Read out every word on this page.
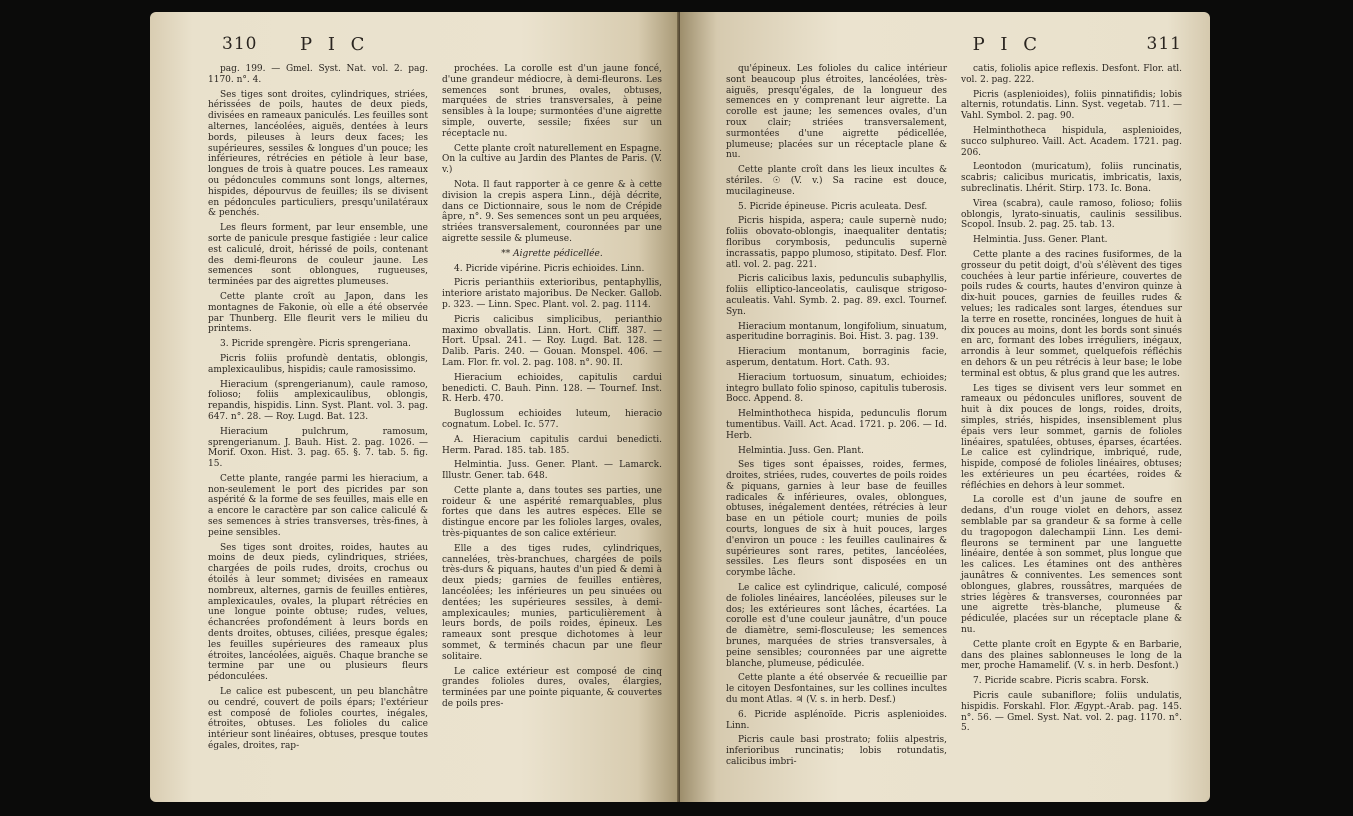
310 P I C

pag. 199. — Gmel. Syst. Nat. vol. 2. pag. 1170. n°. 4.

Ses tiges sont droites, cylindriques, striées, hérissées de poils, hautes de deux pieds, divisées en rameaux paniculés. Les feuilles sont alternes, lancéolées, aiguës, dentées à leurs bords, pileuses à leurs deux faces; les supérieures, sessiles & longues d'un pouce; les inférieures, rétrécies en pétiole à leur base, longues de trois à quatre pouces. Les rameaux ou pédoncules communs sont longs, alternes, hispides, dépourvus de feuilles; ils se divisent en pédoncules particuliers, presqu'unilatéraux & penchés.

Les fleurs forment, par leur ensemble, une sorte de panicule presque fastigiée : leur calice est caliculé, droit, hérissé de poils, contenant des demi-fleurons de couleur jaune. Les semences sont oblongues, rugueuses, terminées par des aigrettes plumeuses.

Cette plante croît au Japon, dans les montagnes de Fakonie, où elle a été observée par Thunberg. Elle fleurit vers le milieu du printems.

3. Picride sprengère. Picris sprengeriana.

Picris foliis profundè dentatis, oblongis, amplexicaulibus, hispidis; caule ramosissimo.

Hieracium (sprengerianum), caule ramoso, folioso; foliis amplexicaulibus, oblongis, repandis, hispidis. Linn. Syst. Plant. vol. 3. pag. 647. n°. 28. — Roy. Lugd. Bat. 123.

Hieracium pulchrum, ramosum, sprengerianum. J. Bauh. Hist. 2. pag. 1026. — Morif. Oxon. Hist. 3. pag. 65. §. 7. tab. 5. fig. 15.

Cette plante, rangée parmi les hieracium, a non-seulement le port des picrides par son aspérité & la forme de ses feuilles, mais elle en a encore le caractère par son calice caliculé & ses semences à stries transverses, très-fines, à peine sensibles.

Ses tiges sont droites, roides, hautes au moins de deux pieds, cylindriques, striées, chargées de poils rudes, droits, crochus ou étoilés à leur sommet; divisées en rameaux nombreux, alternes, garnis de feuilles entières, amplexicaules, ovales, la plupart rétrécies en une longue pointe obtuse; rudes, velues, échancrées profondément à leurs bords en dents droites, obtuses, ciliées, presque égales; les feuilles supérieures des rameaux plus étroites, lancéolées, aiguës. Chaque branche se termine par une ou plusieurs fleurs pédonculées.

Le calice est pubescent, un peu blanchâtre ou cendré, couvert de poils épars; l'extérieur est composé de folioles courtes, inégales, étroites, obtuses. Les folioles du calice intérieur sont linéaires, obtuses, presque toutes égales, droites, rap-

prochées. La corolle est d'un jaune foncé, d'une grandeur médiocre, à demi-fleurons. Les semences sont brunes, ovales, obtuses, marquées de stries transversales, à peine sensibles à la loupe; surmontées d'une aigrette simple, ouverte, sessile; fixées sur un réceptacle nu.

Cette plante croît naturellement en Espagne. On la cultive au Jardin des Plantes de Paris. (V. v.)

Nota. Il faut rapporter à ce genre & à cette division la crepis aspera Linn., déjà décrite, dans ce Dictionnaire, sous le nom de Crépide âpre, n°. 9. Ses semences sont un peu arquées, striées transversalement, couronnées par une aigrette sessile & plumeuse.

** Aigrette pédicellée.

4. Picride vipérine. Picris echioides. Linn.

Picris perianthiis exterioribus, pentaphyllis, interiore aristato majoribus. De Necker. Gallob. p. 323. — Linn. Spec. Plant. vol. 2. pag. 1114.

Picris calicibus simplicibus, perianthio maximo obvallatis. Linn. Hort. Cliff. 387. — Hort. Upsal. 241. — Roy. Lugd. Bat. 128. — Dalib. Paris. 240. — Gouan. Monspel. 406. — Lam. Flor. fr. vol. 2. pag. 108. n°. 90. II.

Hieracium echioides, capitulis cardui benedicti. C. Bauh. Pinn. 128. — Tournef. Inst. R. Herb. 470.

Buglossum echioides luteum, hieracio cognatum. Lobel. Ic. 577.

A. Hieracium capitulis cardui benedicti. Herm. Parad. 185. tab. 185.

Helmintia. Juss. Gener. Plant. — Lamarck. Illustr. Gener. tab. 648.

Cette plante a, dans toutes ses parties, une roideur & une aspérité remarquables, plus fortes que dans les autres espèces. Elle se distingue encore par les folioles larges, ovales, très-piquantes de son calice extérieur.

Elle a des tiges rudes, cylindriques, cannelées, très-branchues, chargées de poils très-durs & piquans, hautes d'un pied & demi à deux pieds; garnies de feuilles entières, lancéolées; les inférieures un peu sinuées ou dentées; les supérieures sessiles, à demi-amplexicaules; munies, particulièrement à leurs bords, de poils roides, épineux. Les rameaux sont presque dichotomes à leur sommet, & terminés chacun par une fleur solitaire.

Le calice extérieur est composé de cinq grandes folioles dures, ovales, élargies, terminées par une pointe piquante, & couvertes de poils pres-

P I C	311

qu'épineux. Les folioles du calice intérieur sont beaucoup plus étroites, lancéolées, très-aiguës, presqu'égales, de la longueur des semences en y comprenant leur aigrette. La corolle est jaune; les semences ovales, d'un roux clair; striées transversalement, surmontées d'une aigrette pédicellée, plumeuse; placées sur un réceptacle plane & nu.

Cette plante croît dans les lieux incultes & stériles. ☉ (V. v.) Sa racine est douce, mucilagineuse.

5. Picride épineuse. Picris aculeata. Desf.

Picris hispida, aspera; caule supernè nudo; foliis obovato-oblongis, inaequaliter dentatis; floribus corymbosis, pedunculis supernè incrassatis, pappo plumoso, stipitato. Desf. Flor. atl. vol. 2. pag. 221.

Picris calicibus laxis, pedunculis subaphyllis, foliis elliptico-lanceolatis, caulisque strigoso-aculeatis. Vahl. Symb. 2. pag. 89. excl. Tournef. Syn.

Hieracium montanum, longifolium, sinuatum, asperitudine borraginis. Boi. Hist. 3. pag. 139.

Hieracium montanum, borraginis facie, asperum, dentatum. Hort. Cath. 93.

Hieracium tortuosum, sinuatum, echioides; integro bullato folio spinoso, capitulis tuberosis. Bocc. Append. 8.

Helminthotheca hispida, pedunculis florum tumentibus. Vaill. Act. Acad. 1721. p. 206. — Id. Herb.

Helmintia. Juss. Gen. Plant.

Ses tiges sont épaisses, roides, fermes, droites, striées, rudes, couvertes de poils roides & piquans, garnies à leur base de feuilles radicales & inférieures, ovales, oblongues, obtuses, inégalement dentées, rétrécies à leur base en un pétiole court; munies de poils courts, longues de six à huit pouces, larges d'environ un pouce : les feuilles caulinaires & supérieures sont rares, petites, lancéolées, sessiles. Les fleurs sont disposées en un corymbe lâche.

Le calice est cylindrique, caliculé, composé de folioles linéaires, lancéolées, pileuses sur le dos; les extérieures sont lâches, écartées. La corolle est d'une couleur jaunâtre, d'un pouce de diamètre, semi-flosculeuse; les semences brunes, marquées de stries transversales, à peine sensibles; couronnées par une aigrette blanche, plumeuse, pédiculée.

Cette plante a été observée & recueillie par le citoyen Desfontaines, sur les collines incultes du mont Atlas. ♃ (V. s. in herb. Desf.)

6. Picride asplénoïde. Picris asplenioides. Linn.

Picris caule basi prostrato; foliis alpestris, inferioribus runcinatis; lobis rotundatis, calicibus imbri-

catis, foliolis apice reflexis. Desfont. Flor. atl. vol. 2. pag. 222.

Picris (asplenioides), foliis pinnatifidis; lobis alternis, rotundatis. Linn. Syst. vegetab. 711. — Vahl. Symbol. 2. pag. 90.

Helminthotheca hispidula, asplenioides, succo sulphureo. Vaill. Act. Academ. 1721. pag. 206.

Leontodon (muricatum), foliis runcinatis, scabris; calicibus muricatis, imbricatis, laxis, subreclinatis. Lhérit. Stirp. 173. Ic. Bona.

Virea (scabra), caule ramoso, folioso; foliis oblongis, lyrato-sinuatis, caulinis sessilibus. Scopol. Insub. 2. pag. 25. tab. 13.

Helmintia. Juss. Gener. Plant.

Cette plante a des racines fusiformes, de la grosseur du petit doigt, d'où s'élèvent des tiges couchées à leur partie inférieure, couvertes de poils rudes & courts, hautes d'environ quinze à dix-huit pouces, garnies de feuilles rudes & velues; les radicales sont larges, étendues sur la terre en rosette, roncinées, longues de huit à dix pouces au moins, dont les bords sont sinués en arc, formant des lobes irréguliers, inégaux, arrondis à leur sommet, quelquefois réfléchis en dehors & un peu rétrécis à leur base; le lobe terminal est obtus, & plus grand que les autres.

Les tiges se divisent vers leur sommet en rameaux ou pédoncules uniflores, souvent de huit à dix pouces de longs, roides, droits, simples, striés, hispides, insensiblement plus épais vers leur sommet, garnis de folioles linéaires, spatulées, obtuses, éparses, écartées. Le calice est cylindrique, imbriqué, rude, hispide, composé de folioles linéaires, obtuses; les extérieures un peu écartées, roides & réfléchies en dehors à leur sommet.

La corolle est d'un jaune de soufre en dedans, d'un rouge violet en dehors, assez semblable par sa grandeur & sa forme à celle du tragopogon dalechampii Linn. Les demi-fleurons se terminent par une languette linéaire, dentée à son sommet, plus longue que les calices. Les étamines ont des anthères jaunâtres & conniventes. Les semences sont oblongues, glabres, roussâtres, marquées de stries légères & transverses, couronnées par une aigrette très-blanche, plumeuse & pédiculée, placées sur un réceptacle plane & nu.

Cette plante croît en Egypte & en Barbarie, dans des plaines sablonneuses le long de la mer, proche Hamamelif. (V. s. in herb. Desfont.)

7. Picride scabre. Picris scabra. Forsk.

Picris caule subaniflore; foliis undulatis, hispidis. Forskahl. Flor. Ægypt.-Arab. pag. 145. n°. 56. — Gmel. Syst. Nat. vol. 2. pag. 1170. n°. 5.
